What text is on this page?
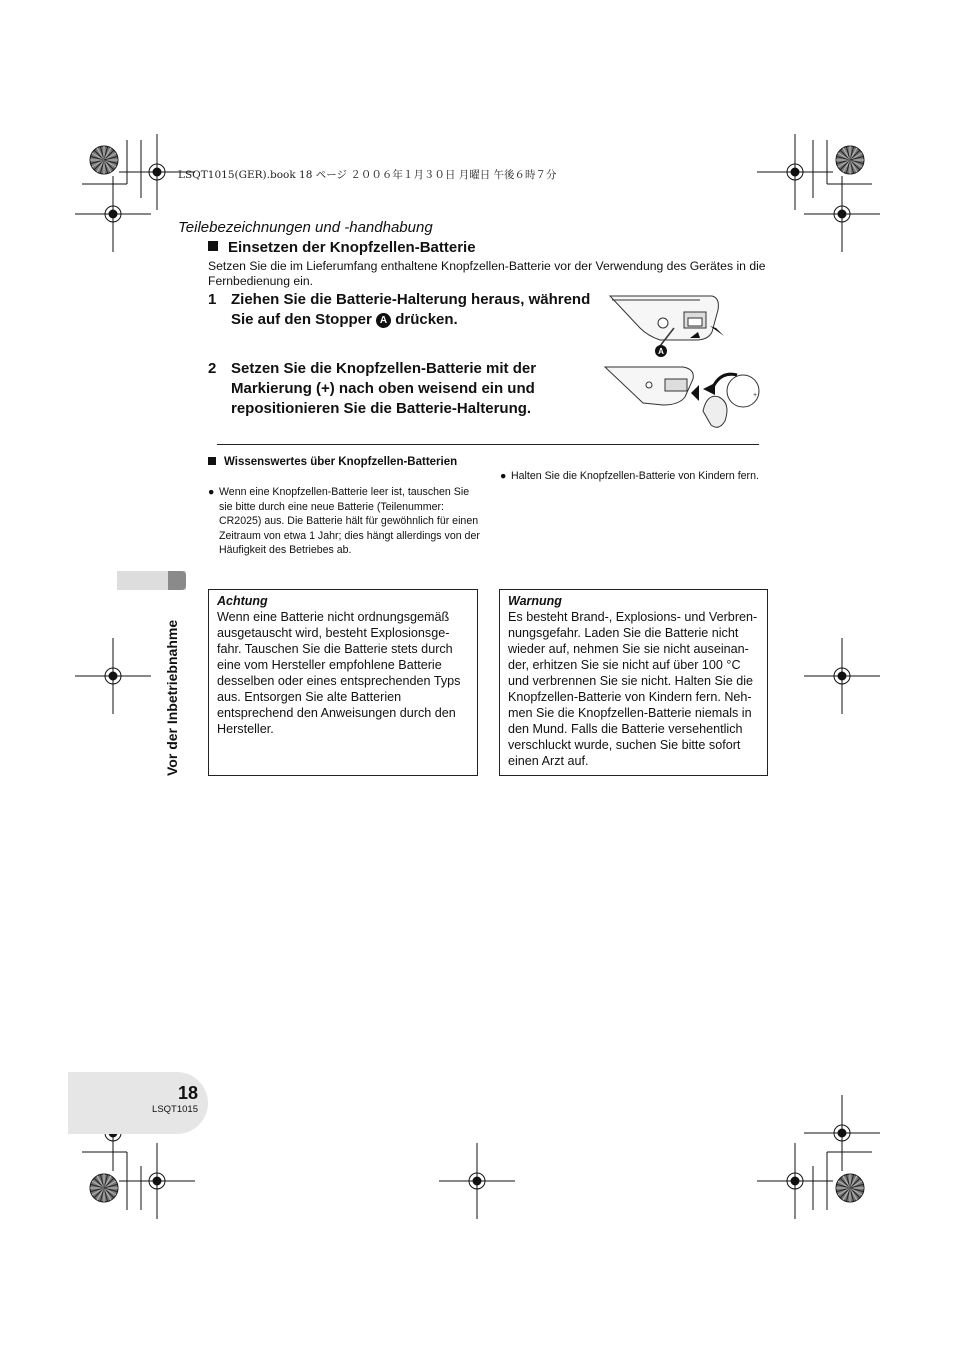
LSQT1015(GER).book 18 ページ ２００６年１月３０日 月曜日 午後６時７分
Teilebezeichnungen und -handhabung
Einsetzen der Knopfzellen-Batterie
Setzen Sie die im Lieferumfang enthaltene Knopfzellen-Batterie vor der Verwendung des Gerätes in die Fernbedienung ein.
1 Ziehen Sie die Batterie-Halterung heraus, während Sie auf den Stopper A drücken.
2 Setzen Sie die Knopfzellen-Batterie mit der Markierung (+) nach oben weisend ein und repositionieren Sie die Batterie-Halterung.
A
+
Wissenswertes über Knopfzellen-Batterien
● Wenn eine Knopfzellen-Batterie leer ist, tauschen Sie sie bitte durch eine neue Batterie (Teilenummer: CR2025) aus. Die Batterie hält für gewöhnlich für einen Zeitraum von etwa 1 Jahr; dies hängt allerdings von der Häufigkeit des Betriebes ab.
● Halten Sie die Knopfzellen-Batterie von Kindern fern.
Vor der Inbetriebnahme
Achtung
Wenn eine Batterie nicht ordnungsgemäß ausgetauscht wird, besteht Explosionsge-fahr. Tauschen Sie die Batterie stets durch eine vom Hersteller empfohlene Batterie desselben oder eines entsprechenden Typs aus. Entsorgen Sie alte Batterien entsprechend den Anweisungen durch den Hersteller.
Warnung
Es besteht Brand-, Explosions- und Verbren-nungsgefahr. Laden Sie die Batterie nicht wieder auf, nehmen Sie sie nicht auseinan-der, erhitzen Sie sie nicht auf über 100 °C und verbrennen Sie sie nicht. Halten Sie die Knopfzellen-Batterie von Kindern fern. Neh-men Sie die Knopfzellen-Batterie niemals in den Mund. Falls die Batterie versehentlich verschluckt wurde, suchen Sie bitte sofort einen Arzt auf.
18
LSQT1015
